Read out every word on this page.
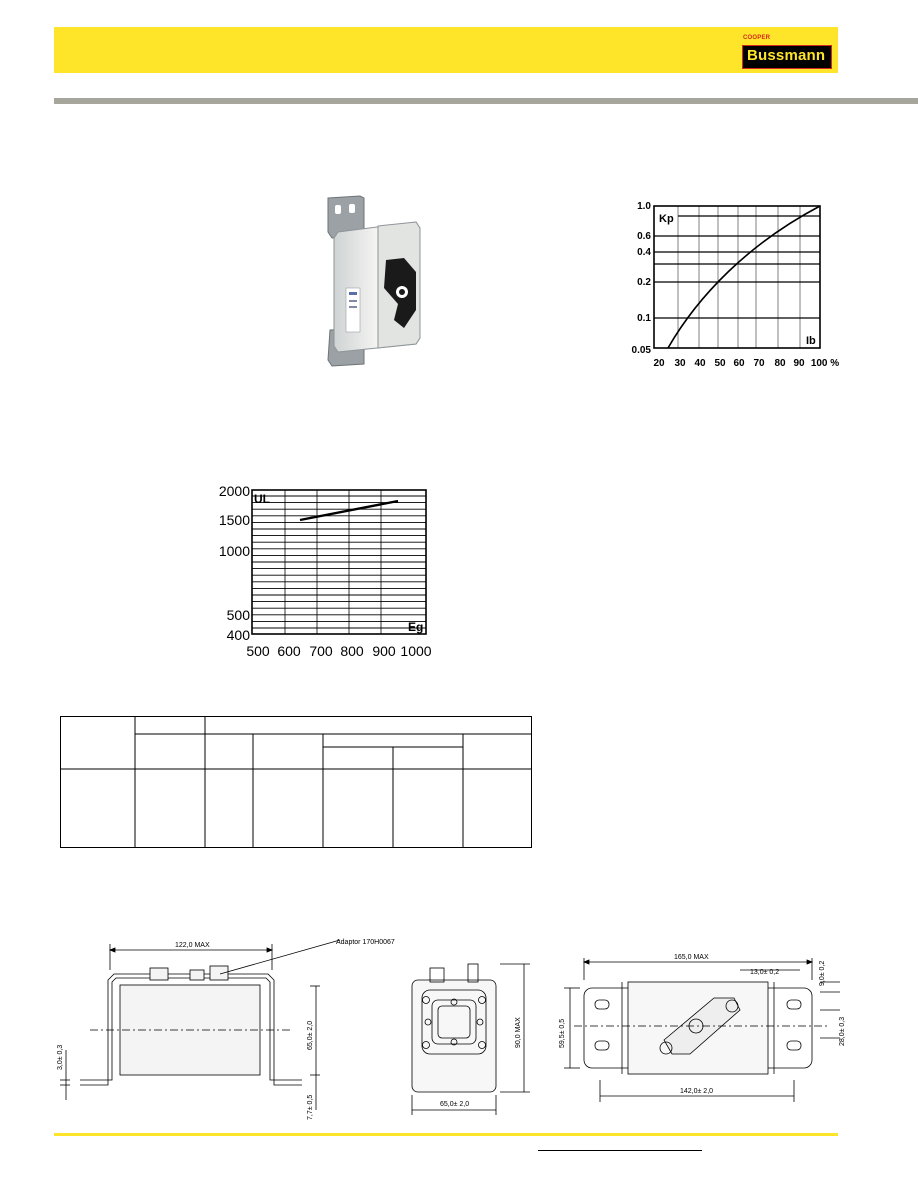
COOPER
Bussmann
1.0
0.6
0.4
0.2
0.1
0.05
Kp
Ib
20 30 40 50 60 70 80 90 100 %
2000
1500
1000
500
400
UL
Eg
500 600 700 800 900 1000
122,0 MAX	Adaptor 170H0067
65,0± 2,0
3,0± 0,3
7,7± 0,5	65,0± 2,0
90,0 MAX
165,0 MAX
13,0± 0,2	9,0± 0,2
59,5± 0,5	28,0± 0,3
142,0± 2,0
